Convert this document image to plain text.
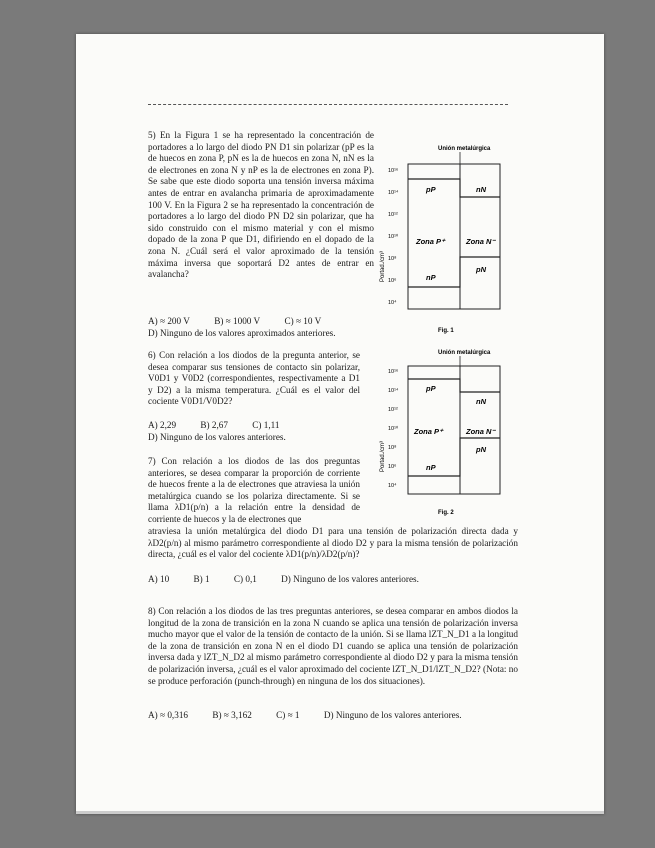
5) En la Figura 1 se ha representado la concentración de portadores a lo largo del diodo PN D1 sin polarizar (pP es la de huecos en zona P, pN es la de huecos en zona N, nN es la de electrones en zona N y nP es la de electrones en zona P). Se sabe que este diodo soporta una tensión inversa máxima antes de entrar en avalancha primaria de aproximadamente 100 V. En la Figura 2 se ha representado la concentración de portadores a lo largo del diodo PN D2 sin polarizar, que ha sido construido con el mismo material y con el mismo dopado de la zona P que D1, difiriendo en el dopado de la zona N. ¿Cuál será el valor aproximado de la tensión máxima inversa que soportará D2 antes de entrar en avalancha?

A) ≈ 200 V	B) ≈ 1000 V	C) ≈ 10 V
D) Ninguno de los valores aproximados anteriores.
Unión metalúrgica
10¹⁶
10¹⁴
10¹²
10¹⁰
10⁸
10⁶
10⁴
Portad./cm³
pP	nN
pN
nP
Zona P⁺	Zona N⁻
Fig. 1

6) Con relación a los diodos de la pregunta anterior, se desea comparar sus tensiones de contacto sin polarizar, V0D1 y V0D2 (correspondientes, respectivamente a D1 y D2) a la misma temperatura. ¿Cuál es el valor del cociente V0D1/V0D2?

A) 2,29	B) 2,67	C) 1,11
D) Ninguno de los valores anteriores.
Unión metalúrgica
10¹⁶
10¹⁴
10¹²
10¹⁰
10⁸
10⁶
10⁴
Portad./cm³
pP
nN
pN
nP
Zona P⁺	Zona N⁻
Fig. 2

7) Con relación a los diodos de las dos preguntas anteriores, se desea comparar la proporción de corriente de huecos frente a la de electrones que atraviesa la unión metalúrgica cuando se los polariza directamente. Si se llama λD1(p/n) a la relación entre la densidad de corriente de huecos y la de electrones que

atraviesa la unión metalúrgica del diodo D1 para una tensión de polarización directa dada y λD2(p/n) al mismo parámetro correspondiente al diodo D2 y para la misma tensión de polarización directa, ¿cuál es el valor del cociente λD1(p/n)/λD2(p/n)?

A) 10	B) 1	C) 0,1	D) Ninguno de los valores anteriores.

8) Con relación a los diodos de las tres preguntas anteriores, se desea comparar en ambos diodos la longitud de la zona de transición en la zona N cuando se aplica una tensión de polarización inversa mucho mayor que el valor de la tensión de contacto de la unión. Si se llama lZT_N_D1 a la longitud de la zona de transición en zona N en el diodo D1 cuando se aplica una tensión de polarización inversa dada y lZT_N_D2 al mismo parámetro correspondiente al diodo D2 y para la misma tensión de polarización inversa, ¿cuál es el valor aproximado del cociente lZT_N_D1/lZT_N_D2? (Nota: no se produce perforación (punch-through) en ninguna de los dos situaciones).

A) ≈ 0,316	B) ≈ 3,162	C) ≈ 1	D) Ninguno de los valores anteriores.
